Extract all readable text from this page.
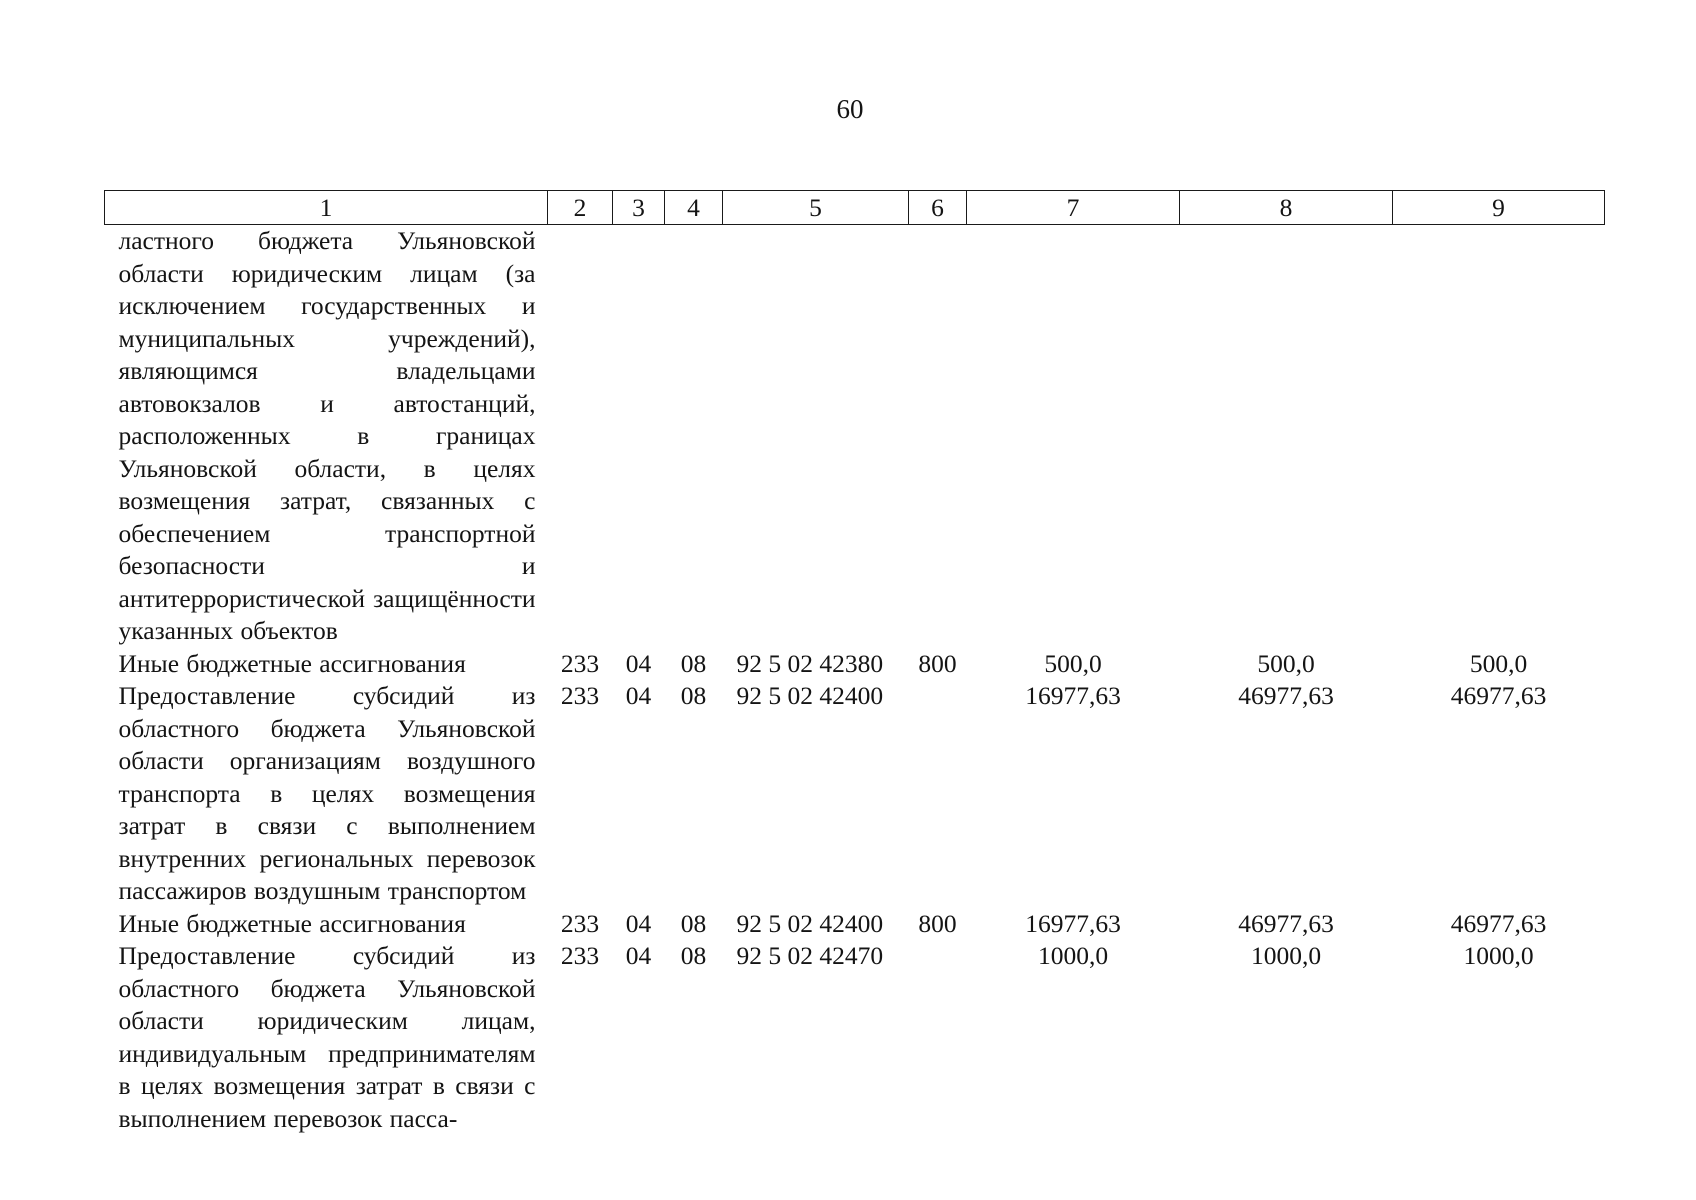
60
1	2	3	4	5	6	7	8	9
ластного бюджета Ульяновской области юридическим лицам (за исключением государственных и муниципальных учреждений), являющимся владельцами автовокзалов и автостанций, расположенных в границах Ульяновской области, в целях возмещения затрат, связанных с обеспечением транспортной безопасности и антитеррористической защищённости указанных объектов								
Иные бюджетные ассигнования	233	04	08	92 5 02 42380	800	500,0	500,0	500,0
Предоставление субсидий из областного бюджета Ульяновской области организациям воздушного транспорта в целях возмещения затрат в связи с выполнением внутренних региональных перевозок пассажиров воздушным транспортом	233	04	08	92 5 02 42400		16977,63	46977,63	46977,63
Иные бюджетные ассигнования	233	04	08	92 5 02 42400	800	16977,63	46977,63	46977,63
Предоставление субсидий из областного бюджета Ульяновской области юридическим лицам, индивидуальным предпринимателям в целях возмещения затрат в связи с выполнением перевозок пасса-	233	04	08	92 5 02 42470		1000,0	1000,0	1000,0
